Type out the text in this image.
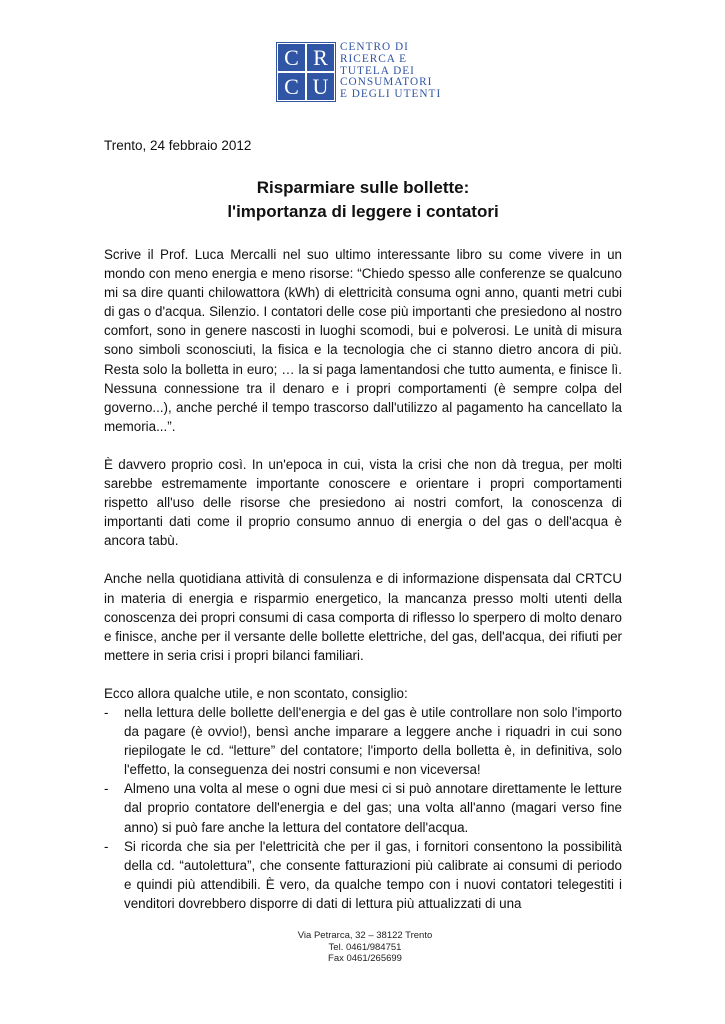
C R
C U
CENTRO DI
RICERCA E
TUTELA DEI
CONSUMATORI
E DEGLI UTENTI
Trento, 24 febbraio 2012
Risparmiare sulle bollette:
l'importanza di leggere i contatori

Scrive il Prof. Luca Mercalli nel suo ultimo interessante libro su come vivere in un mondo con meno energia e meno risorse: “Chiedo spesso alle conferenze se qualcuno mi sa dire quanti chilowattora (kWh) di elettricità consuma ogni anno, quanti metri cubi di gas o d'acqua. Silenzio. I contatori delle cose più importanti che presiedono al nostro comfort, sono in genere nascosti in luoghi scomodi, bui e polverosi. Le unità di misura sono simboli sconosciuti, la fisica e la tecnologia che ci stanno dietro ancora di più. Resta solo la bolletta in euro; … la si paga lamentandosi che tutto aumenta, e finisce lì. Nessuna connessione tra il denaro e i propri comportamenti (è sempre colpa del governo...), anche perché il tempo trascorso dall'utilizzo al pagamento ha cancellato la memoria...”.

È davvero proprio così. In un'epoca in cui, vista la crisi che non dà tregua, per molti sarebbe estremamente importante conoscere e orientare i propri comportamenti rispetto all'uso delle risorse che presiedono ai nostri comfort, la conoscenza di importanti dati come il proprio consumo annuo di energia o del gas o dell'acqua è ancora tabù.

Anche nella quotidiana attività di consulenza e di informazione dispensata dal CRTCU in materia di energia e risparmio energetico, la mancanza presso molti utenti della conoscenza dei propri consumi di casa comporta di riflesso lo sperpero di molto denaro e finisce, anche per il versante delle bollette elettriche, del gas, dell'acqua, dei rifiuti per mettere in seria crisi i propri bilanci familiari.

Ecco allora qualche utile, e non scontato, consiglio:

- nella lettura delle bollette dell'energia e del gas è utile controllare non solo l'importo da pagare (è ovvio!), bensì anche imparare a leggere anche i riquadri in cui sono riepilogate le cd. “letture” del contatore; l'importo della bolletta è, in definitiva, solo l'effetto, la conseguenza dei nostri consumi e non viceversa!
- Almeno una volta al mese o ogni due mesi ci si può annotare direttamente le letture dal proprio contatore dell'energia e del gas; una volta all'anno (magari verso fine anno) si può fare anche la lettura del contatore dell'acqua.
- Si ricorda che sia per l'elettricità che per il gas, i fornitori consentono la possibilità della cd. “autolettura”, che consente fatturazioni più calibrate ai consumi di periodo e quindi più attendibili. È vero, da qualche tempo con i nuovi contatori telegestiti i venditori dovrebbero disporre di dati di lettura più attualizzati di una
Via Petrarca, 32 – 38122 Trento
Tel. 0461/984751
Fax 0461/265699
